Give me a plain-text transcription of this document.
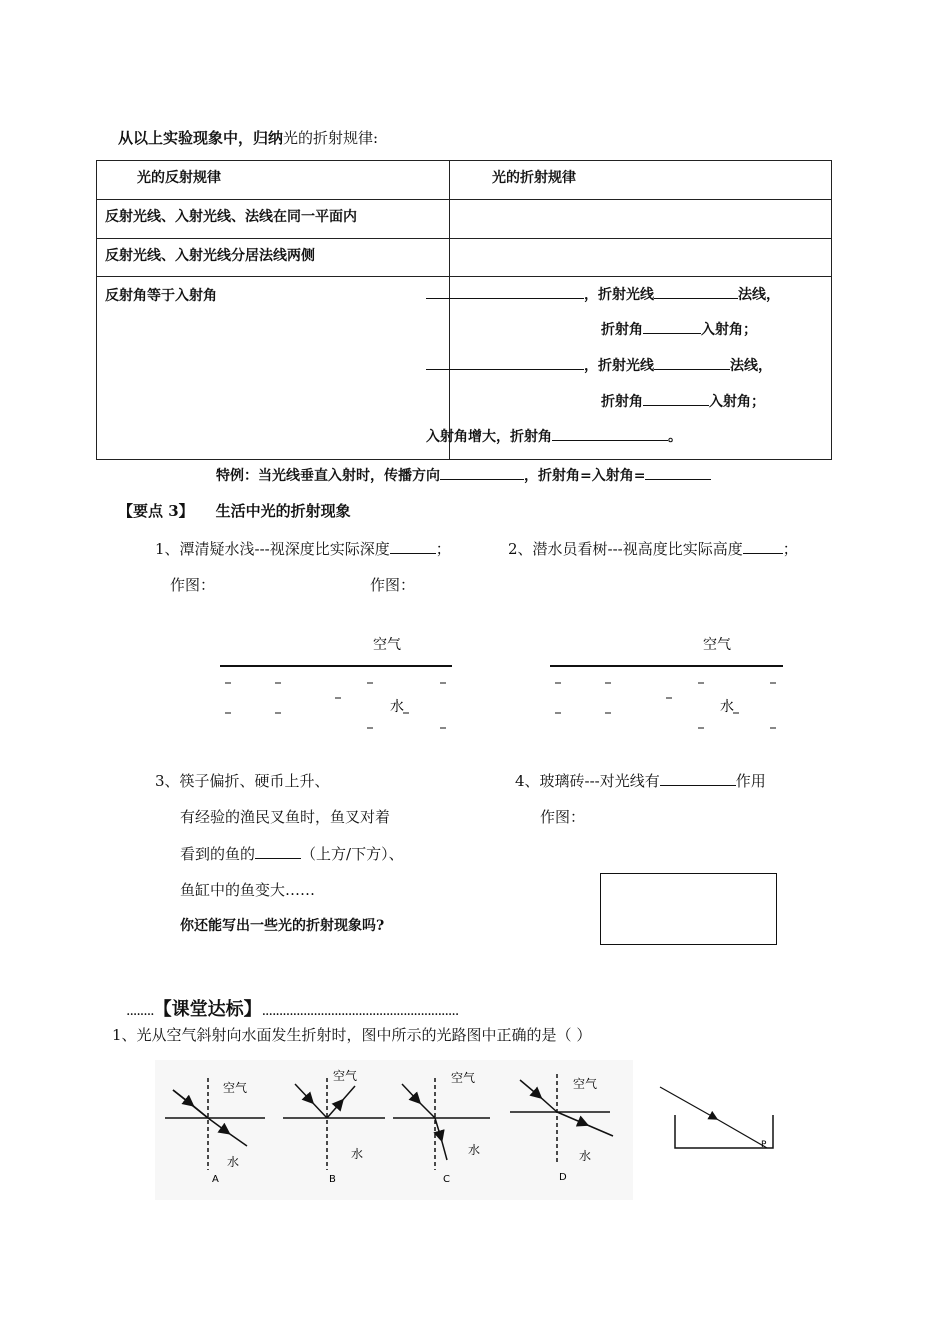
从以上实验现象中，归纳光的折射规律:
光的反射规律	光的折射规律
反射光线、入射光线、法线在同一平面内	
反射光线、入射光线分居法线两侧	
反射角等于入射角		，折射光线	法线，
折射角	入射角；
，折射光线	法线，
折射角	入射角；
入射角增大，折射角	。
特例：当光线垂直入射时，传播方向	，折射角=入射角=
【要点 3】 生活中光的折射现象
1、潭清疑水浅---视深度比实际深度	；	2、潜水员看树---视高度比实际高度	；
作图：	作图：
空气
水
空气
水
3、筷子偏折、硬币上升、
有经验的渔民叉鱼时，鱼叉对着
看到的鱼的	（上方/下方）、
鱼缸中的鱼变大……
你还能写出一些光的折射现象吗?
4、玻璃砖---对光线有	作用
作图：
........【课堂达标】.........................................................
1、光从空气斜射向水面发生折射时，图中所示的光路图中正确的是（ ）
空气
水
A
空气
水
B
空气
水
C
空气
水
D
P
